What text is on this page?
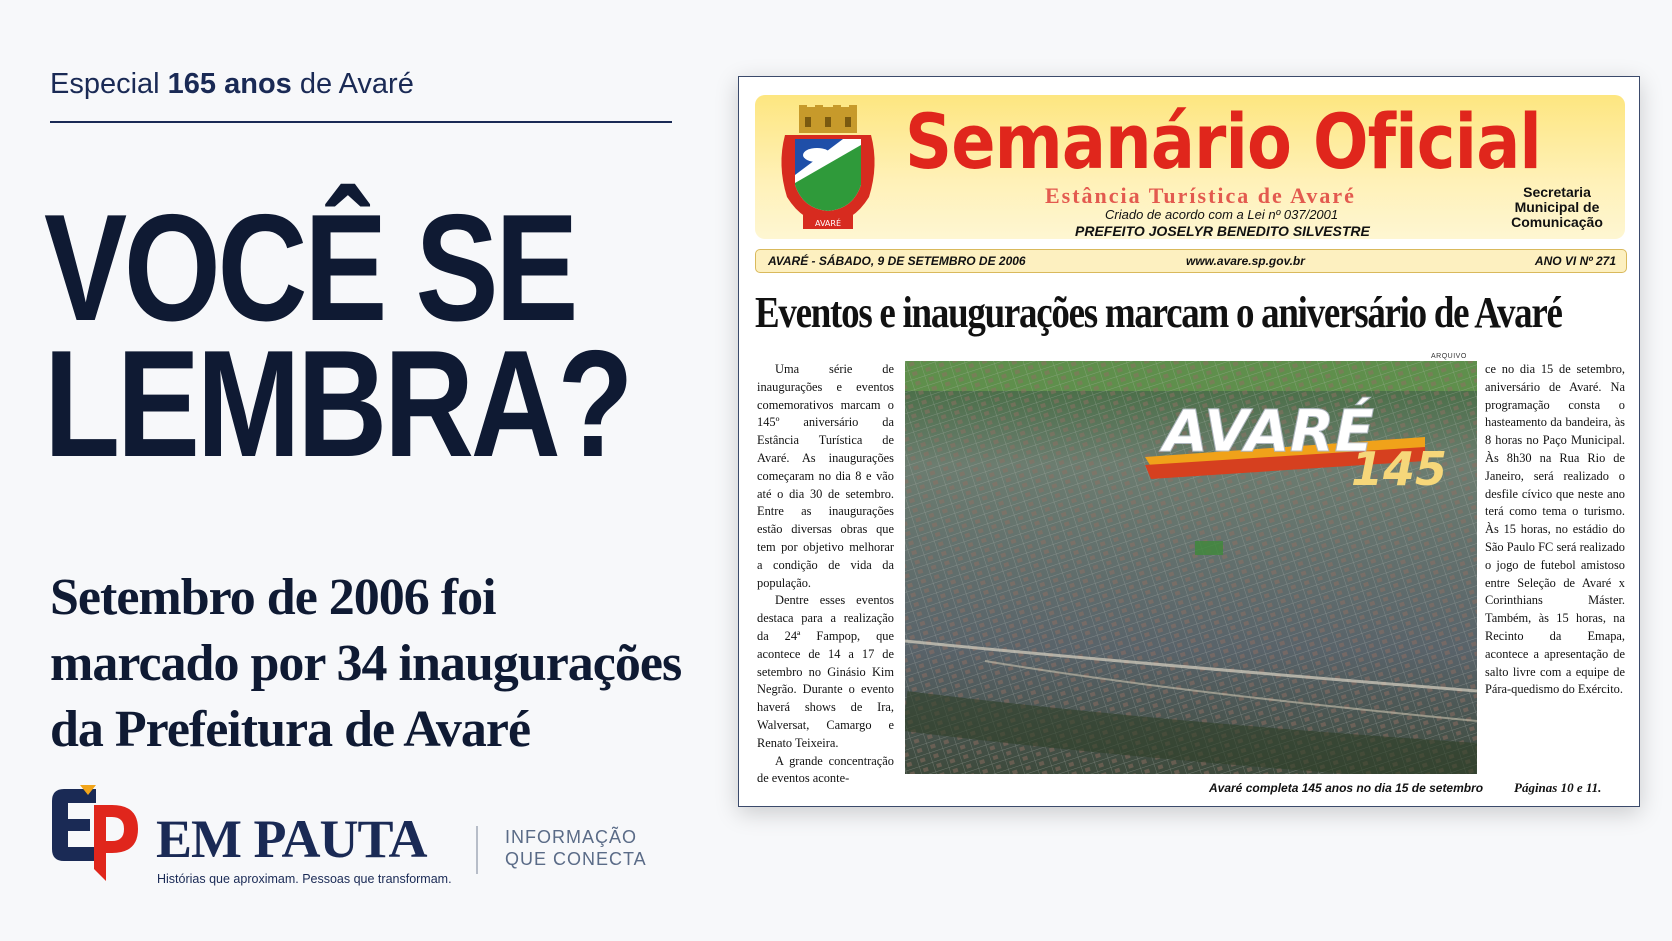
Especial 165 anos de Avaré
VOCÊ SE
LEMBRA?
Setembro de 2006 foi
marcado por 34 inaugurações
da Prefeitura de Avaré
EM PAUTA
Histórias que aproximam. Pessoas que transformam.
INFORMAÇÃO
QUE CONECTA
AVARÉ
Semanário Oficial
Estância Turística de Avaré
Criado de acordo com a Lei nº 037/2001
PREFEITO JOSELYR BENEDITO SILVESTRE
Secretaria Municipal de Comunicação
AVARÉ - SÁBADO, 9 DE SETEMBRO DE 2006	www.avare.sp.gov.br	ANO VI Nº 271
Eventos e inaugurações marcam o aniversário de Avaré

Uma série de inaugurações e eventos comemorativos marcam o 145º aniversário da Estância Turística de Avaré. As inaugurações começaram no dia 8 e vão até o dia 30 de setembro. Entre as inaugurações estão diversas obras que tem por objetivo melhorar a condição de vida da população.

Dentre esses eventos destaca para a realização da 24ª Fampop, que acontece de 14 a 17 de setembro no Ginásio Kim Negrão. Durante o evento haverá shows de Ira, Walversat, Camargo e Renato Teixeira.

A grande concentração de eventos aconte-

ARQUIVO
AVARÉ
145

ce no dia 15 de setembro, aniversário de Avaré. Na programação consta o hasteamento da bandeira, às 8 horas no Paço Municipal. Às 8h30 na Rua Rio de Janeiro, será realizado o desfile cívico que neste ano terá como tema o turismo. Às 15 horas, no estádio do São Paulo FC será realizado o jogo de futebol amistoso entre Seleção de Avaré x Corinthians Máster. Também, às 15 horas, na Recinto da Emapa, acontece a apresentação de salto livre com a equipe de Pára-quedismo do Exército.

Avaré completa 145 anos no dia 15 de setembro Páginas 10 e 11.
